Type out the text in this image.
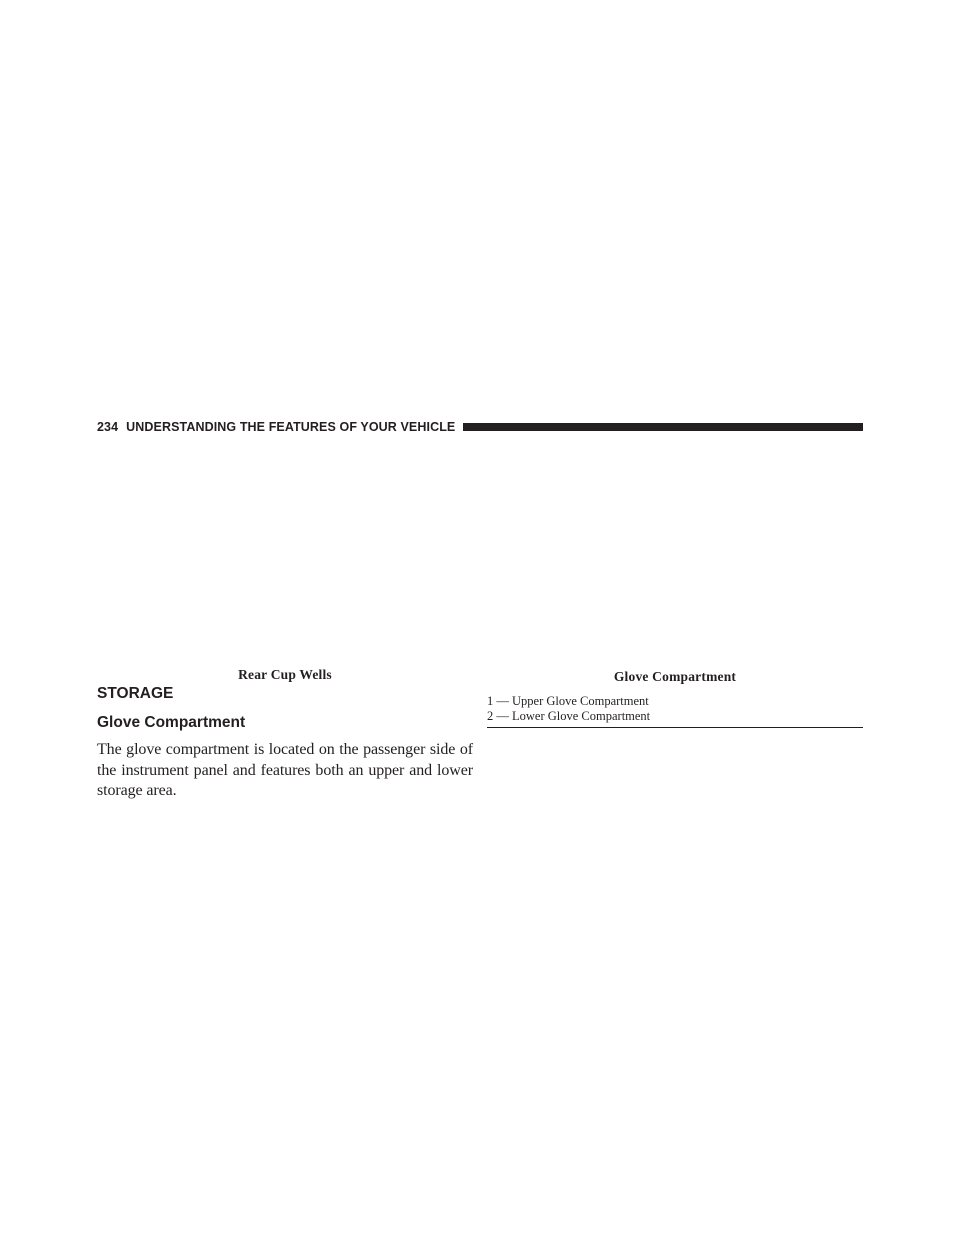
234 UNDERSTANDING THE FEATURES OF YOUR VEHICLE
Rear Cup Wells	Glove Compartment
STORAGE
Glove Compartment
The glove compartment is located on the passenger side of the instrument panel and features both an upper and lower storage area.
1 — Upper Glove Compartment
2 — Lower Glove Compartment
